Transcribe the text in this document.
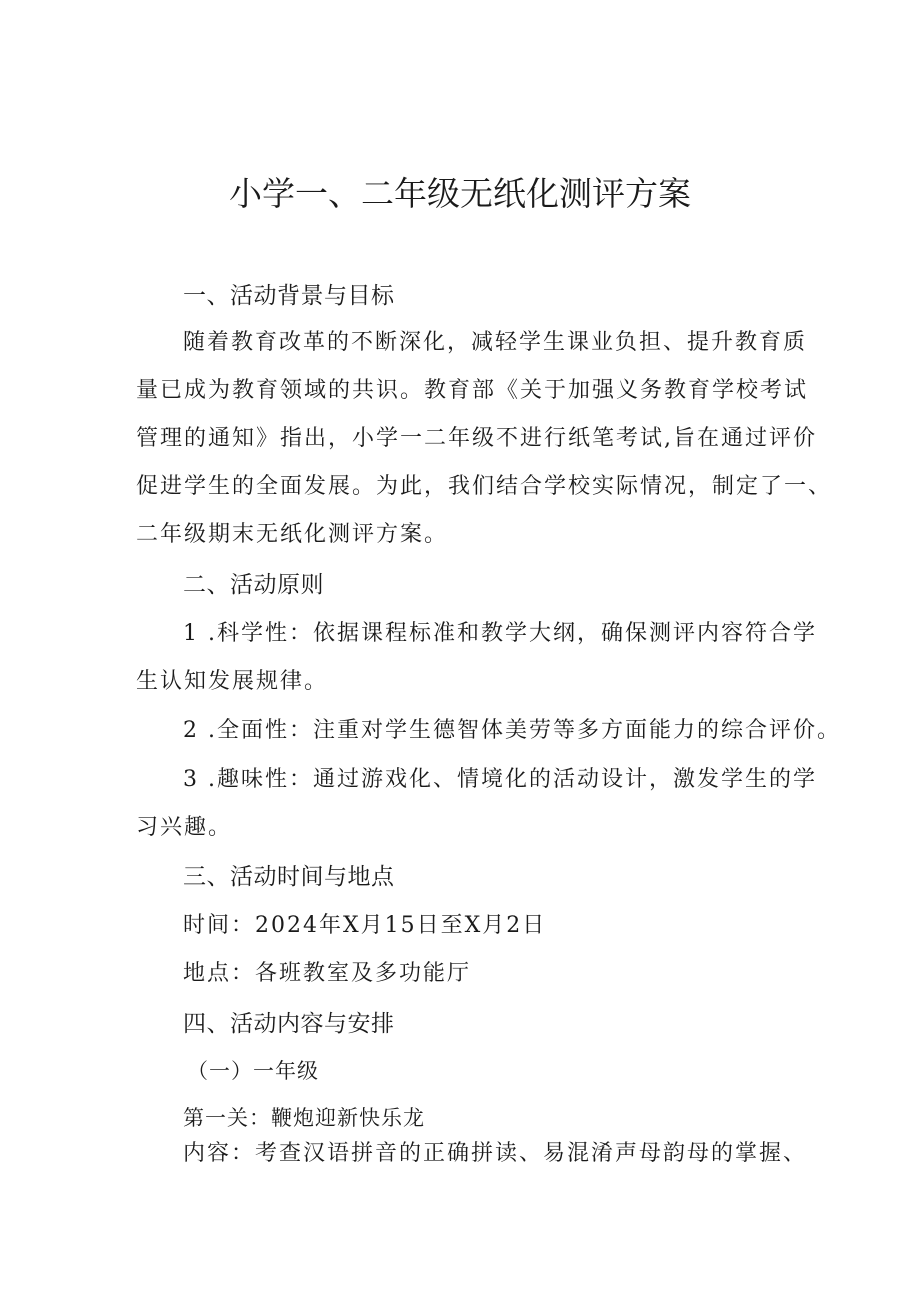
小学一、二年级无纸化测评方案
一、活动背景与目标
随着教育改革的不断深化，减轻学生课业负担、提升教育质
量已成为教育领域的共识。教育部《关于加强义务教育学校考试
管理的通知》指出，小学一二年级不进行纸笔考试,旨在通过评价
促进学生的全面发展。为此，我们结合学校实际情况，制定了一、
二年级期末无纸化测评方案。
二、活动原则
1 .科学性：依据课程标准和教学大纲，确保测评内容符合学
生认知发展规律。
2 .全面性：注重对学生德智体美劳等多方面能力的综合评价。
3 .趣味性：通过游戏化、情境化的活动设计，激发学生的学
习兴趣。
三、活动时间与地点
时间：2024年X月15日至X月2日
地点：各班教室及多功能厅
四、活动内容与安排
（一）一年级
第一关：鞭炮迎新快乐龙
内容：考查汉语拼音的正确拼读、易混淆声母韵母的掌握、
